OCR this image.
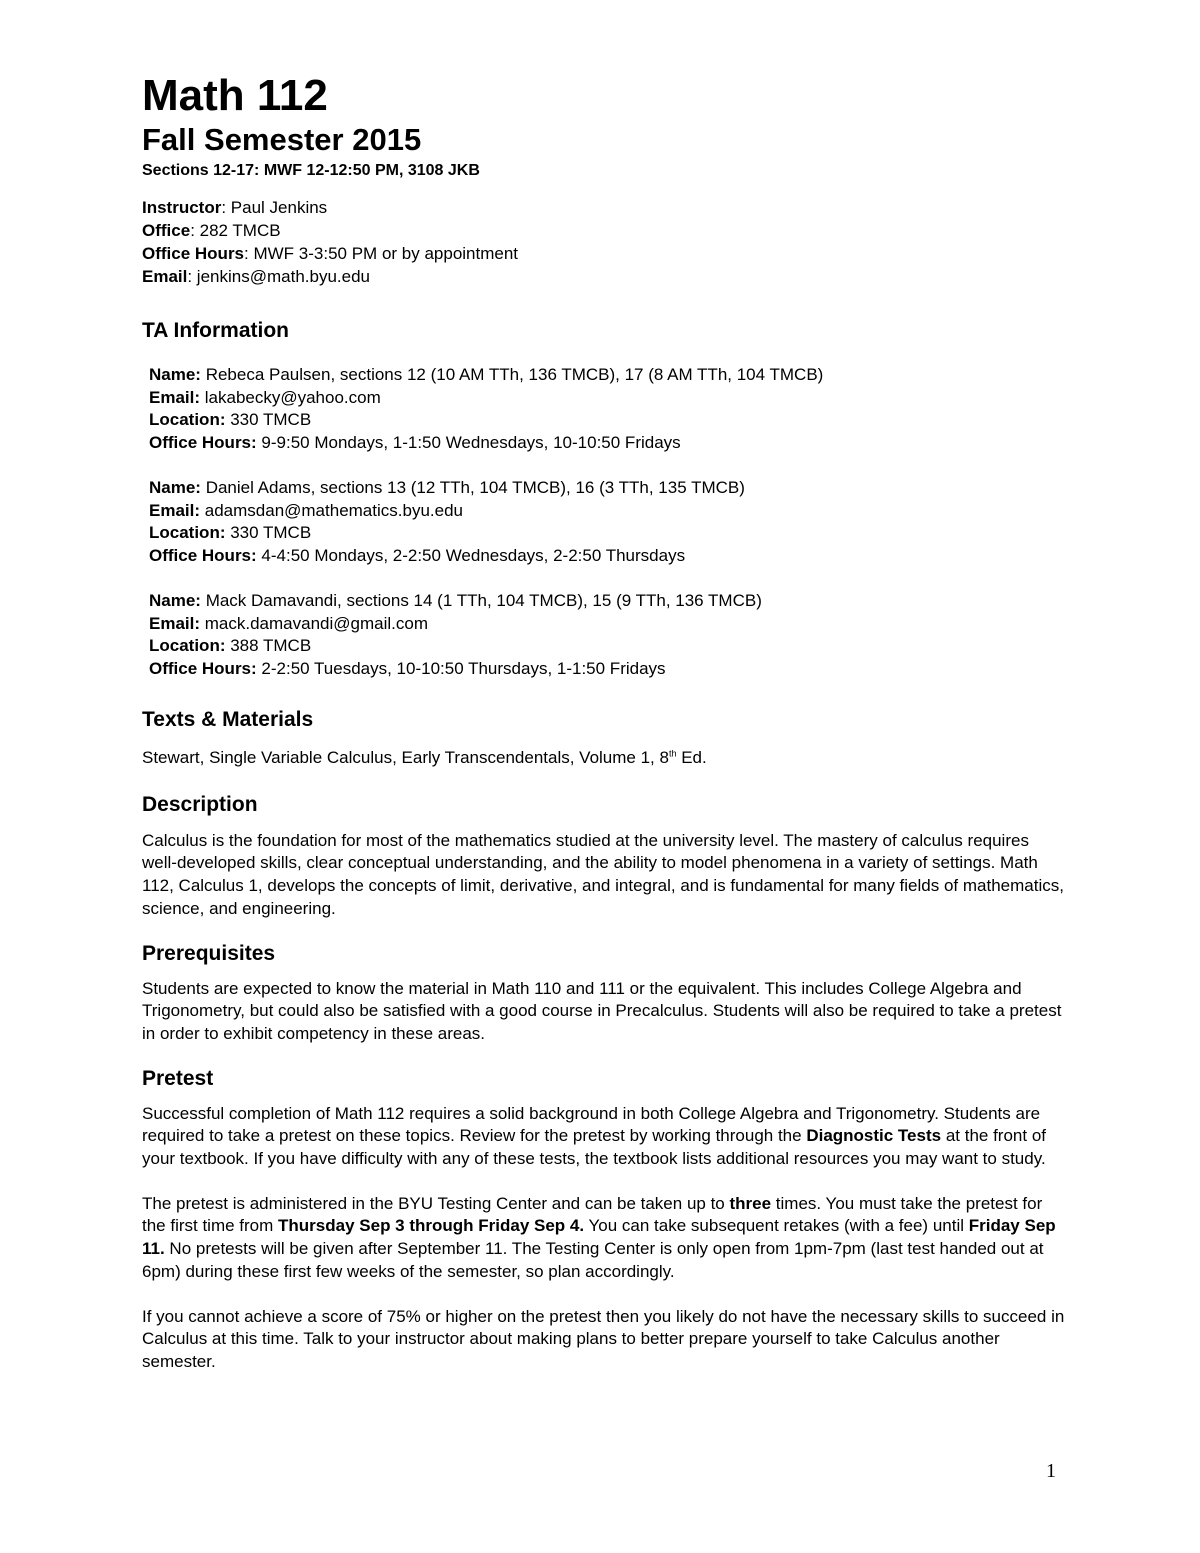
Math 112
Fall Semester 2015
Sections 12-17: MWF 12-12:50 PM, 3108 JKB
Instructor: Paul Jenkins
Office: 282 TMCB
Office Hours: MWF 3-3:50 PM or by appointment
Email: jenkins@math.byu.edu
TA Information
Name: Rebeca Paulsen, sections 12 (10 AM TTh, 136 TMCB), 17 (8 AM TTh, 104 TMCB)
Email: lakabecky@yahoo.com
Location: 330 TMCB
Office Hours: 9-9:50 Mondays, 1-1:50 Wednesdays, 10-10:50 Fridays
Name: Daniel Adams, sections 13 (12 TTh, 104 TMCB), 16 (3 TTh, 135 TMCB)
Email: adamsdan@mathematics.byu.edu
Location: 330 TMCB
Office Hours: 4-4:50 Mondays, 2-2:50 Wednesdays, 2-2:50 Thursdays
Name: Mack Damavandi, sections 14 (1 TTh, 104 TMCB), 15 (9 TTh, 136 TMCB)
Email: mack.damavandi@gmail.com
Location: 388 TMCB
Office Hours: 2-2:50 Tuesdays, 10-10:50 Thursdays, 1-1:50 Fridays
Texts & Materials

Stewart, Single Variable Calculus, Early Transcendentals, Volume 1, 8th Ed.

Description

Calculus is the foundation for most of the mathematics studied at the university level. The mastery of calculus requires well-developed skills, clear conceptual understanding, and the ability to model phenomena in a variety of settings. Math 112, Calculus 1, develops the concepts of limit, derivative, and integral, and is fundamental for many fields of mathematics, science, and engineering.

Prerequisites

Students are expected to know the material in Math 110 and 111 or the equivalent. This includes College Algebra and Trigonometry, but could also be satisfied with a good course in Precalculus. Students will also be required to take a pretest in order to exhibit competency in these areas.

Pretest

Successful completion of Math 112 requires a solid background in both College Algebra and Trigonometry. Students are required to take a pretest on these topics. Review for the pretest by working through the Diagnostic Tests at the front of your textbook. If you have difficulty with any of these tests, the textbook lists additional resources you may want to study.

The pretest is administered in the BYU Testing Center and can be taken up to three times. You must take the pretest for the first time from Thursday Sep 3 through Friday Sep 4. You can take subsequent retakes (with a fee) until Friday Sep 11. No pretests will be given after September 11. The Testing Center is only open from 1pm-7pm (last test handed out at 6pm) during these first few weeks of the semester, so plan accordingly.

If you cannot achieve a score of 75% or higher on the pretest then you likely do not have the necessary skills to succeed in Calculus at this time. Talk to your instructor about making plans to better prepare yourself to take Calculus another semester.

1
